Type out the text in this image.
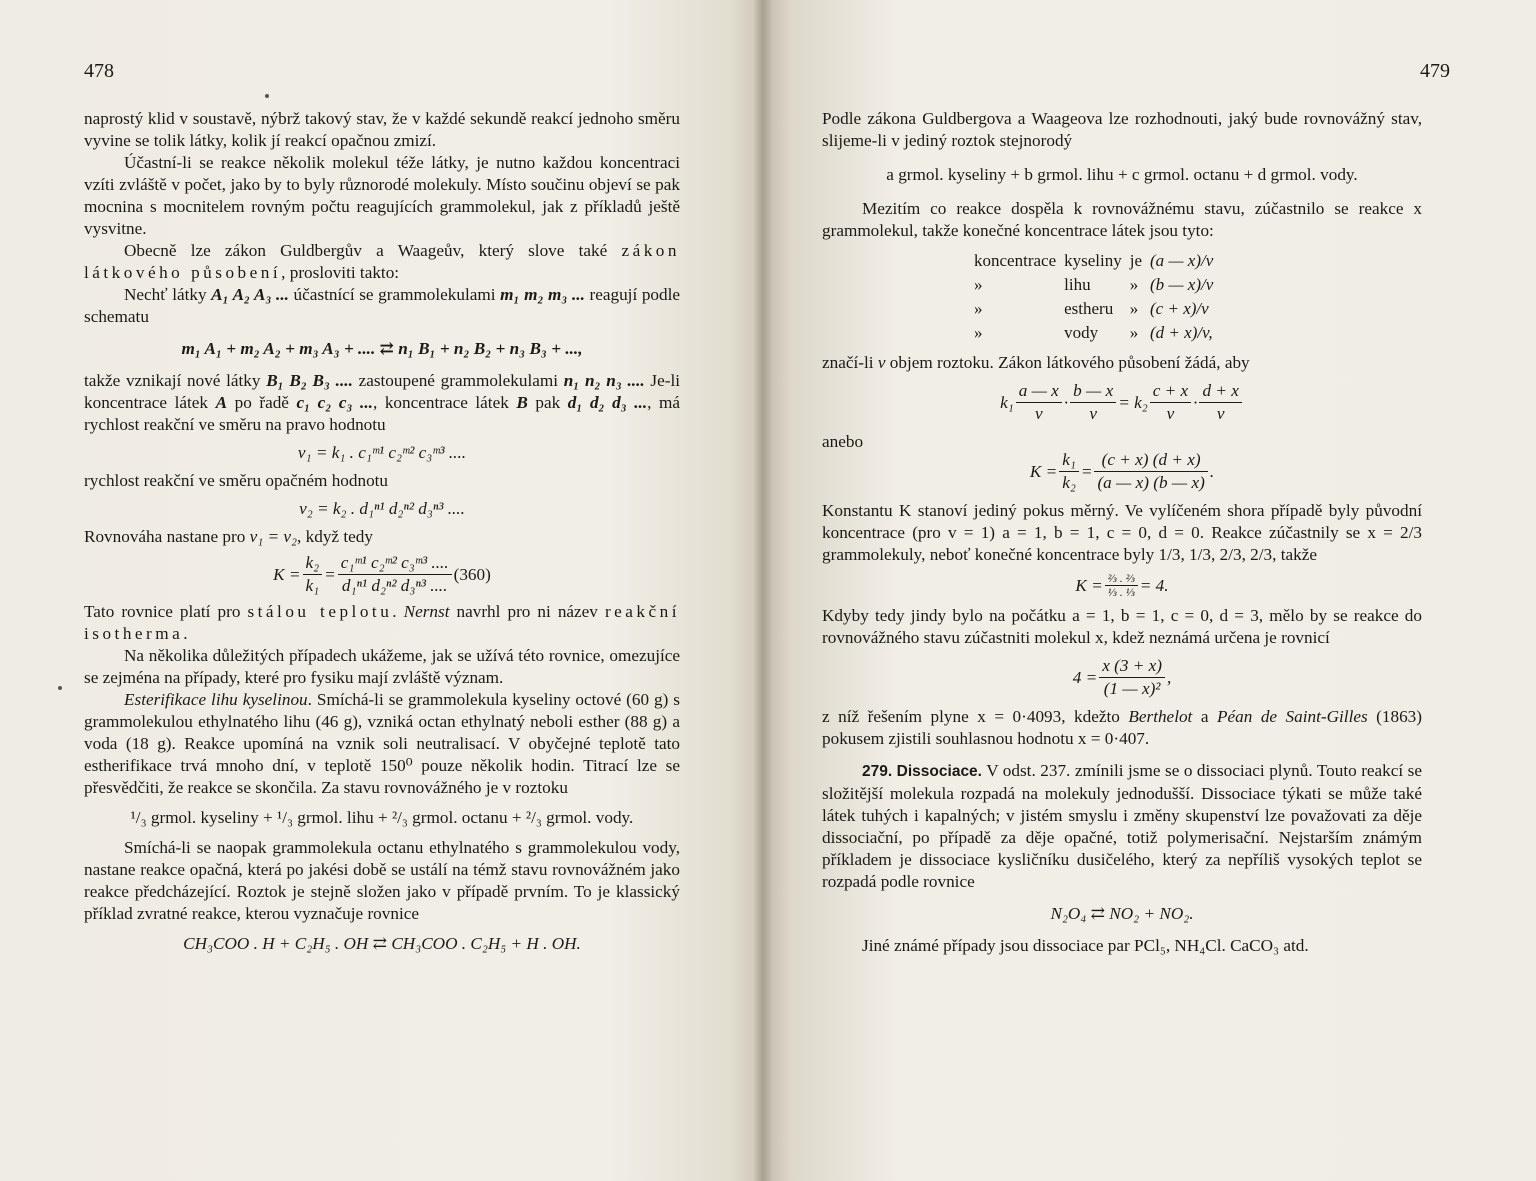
478

naprostý klid v soustavě, nýbrž takový stav, že v každé sekundě reakcí jednoho směru vyvine se tolik látky, kolik jí reakcí opačnou zmizí.

Účastní-li se reakce několik molekul téže látky, je nutno každou koncentraci vzíti zvláště v počet, jako by to byly různorodé molekuly. Místo součinu objeví se pak mocnina s mocnitelem rovným počtu reagujících grammolekul, jak z příkladů ještě vysvitne.

Obecně lze zákon Guldbergův a Waageův, který slove také zákon látkového působení, prosloviti takto:

Nechť látky A₁ A₂ A₃ ... účastnící se grammolekulami m₁ m₂ m₃ ... reagují podle schematu

m₁ A₁ + m₂ A₂ + m₃ A₃ + .... ⇄ n₁ B₁ + n₂ B₂ + n₃ B₃ + ...,

takže vznikají nové látky B₁ B₂ B₃ .... zastoupené grammolekulami n₁ n₂ n₃ .... Je-li koncentrace látek A po řadě c₁ c₂ c₃ ..., koncentrace látek B pak d₁ d₂ d₃ ..., má rychlost reakční ve směru na pravo hodnotu

v₁ = k₁ . c₁ᵐ¹ c₂ᵐ² c₃ᵐ³ ....

rychlost reakční ve směru opačném hodnotu

v₂ = k₂ . d₁ⁿ¹ d₂ⁿ² d₃ⁿ³ ....

Rovnováha nastane pro v₁ = v₂, když tedy

$K = \frac{\text{k₂}}{\text{k₁}} = \frac{\text{c₁ᵐ¹ c₂ᵐ² c₃ᵐ³ ....}}{\text{d₁ⁿ¹ d₂ⁿ² d₃ⁿ³ ....}} (360)$

Tato rovnice platí pro stálou teplotu. Nernst navrhl pro ni název reakční isotherma.

Na několika důležitých případech ukážeme, jak se užívá této rovnice, omezujíce se zejména na případy, které pro fysiku mají zvláště význam.

Esterifikace lihu kyselinou. Smíchá-li se grammolekula kyseliny octové (60 g) s grammolekulou ethylnatého lihu (46 g), vzniká octan ethylnatý neboli esther (88 g) a voda (18 g). Reakce upomíná na vznik soli neutralisací. V obyčejné teplotě tato estherifikace trvá mnoho dní, v teplotě 150⁰ pouze několik hodin. Titrací lze se přesvědčiti, že reakce se skončila. Za stavu rovnovážného je v roztoku

¹/₃ grmol. kyseliny + ¹/₃ grmol. lihu + ²/₃ grmol. octanu + ²/₃ grmol. vody.

Smíchá-li se naopak grammolekula octanu ethylnatého s grammolekulou vody, nastane reakce opačná, která po jakési době se ustálí na témž stavu rovnovážném jako reakce předcházející. Roztok je stejně složen jako v případě prvním. To je klassický příklad zvratné reakce, kterou vyznačuje rovnice

CH₃COO . H + C₂H₅ . OH ⇄ CH₃COO . C₂H₅ + H . OH.
479

Podle zákona Guldbergova a Waageova lze rozhodnouti, jaký bude rovnovážný stav, slijeme-li v jediný roztok stejnorodý

a grmol. kyseliny + b grmol. lihu + c grmol. octanu + d grmol. vody.

Mezitím co reakce dospěla k rovnovážnému stavu, zúčastnilo se reakce x grammolekul, takže konečné koncentrace látek jsou tyto:

koncentrace	kyseliny	je	(a — x)/v
»	lihu	»	(b — x)/v
»	estheru	»	(c + x)/v
»	vody	»	(d + x)/v,

značí-li v objem roztoku. Zákon látkového působení žádá, aby

$k_1 \frac{a — x}{v} \cdot \frac{b — x}{v} = k_2 \frac{c + x}{v} \cdot \frac{d + x}{v}$

anebo

$K = \frac{\text{k₁}}{\text{k₂}} = \frac{(c + x) (d + x)}{(a — x) (b — x)}$ .

Konstantu K stanoví jediný pokus měrný. Ve vylíčeném shora případě byly původní koncentrace (pro v = 1) a = 1, b = 1, c = 0, d = 0. Reakce zúčastnily se x = 2/3 grammolekuly, neboť konečné koncentrace byly 1/3, 1/3, 2/3, 2/3, takže

$K = \frac{\text{⅔ . ⅔}}{\text{⅓ . ⅓}} = 4$.

Kdyby tedy jindy bylo na počátku a = 1, b = 1, c = 0, d = 3, mělo by se reakce do rovnovážného stavu zúčastniti molekul x, kdež neznámá určena je rovnicí

$4 = \frac{x (3 + x)}{\text{(1 — x)²}}$ ,

z níž řešením plyne x = 0·4093, kdežto Berthelot a Péan de Saint-Gilles (1863) pokusem zjistili souhlasnou hodnotu x = 0·407.

279. Dissociace. V odst. 237. zmínili jsme se o dissociaci plynů. Touto reakcí se složitější molekula rozpadá na molekuly jednodušší. Dissociace týkati se může také látek tuhých i kapalných; v jistém smyslu i změny skupenství lze považovati za děje dissociační, po případě za děje opačné, totiž polymerisační. Nejstarším známým příkladem je dissociace kysličníku dusičelého, který za nepříliš vysokých teplot se rozpadá podle rovnice

N₂O₄ ⇄ NO₂ + NO₂.

Jiné známé případy jsou dissociace par PCl₅, NH₄Cl. CaCO₃ atd.
